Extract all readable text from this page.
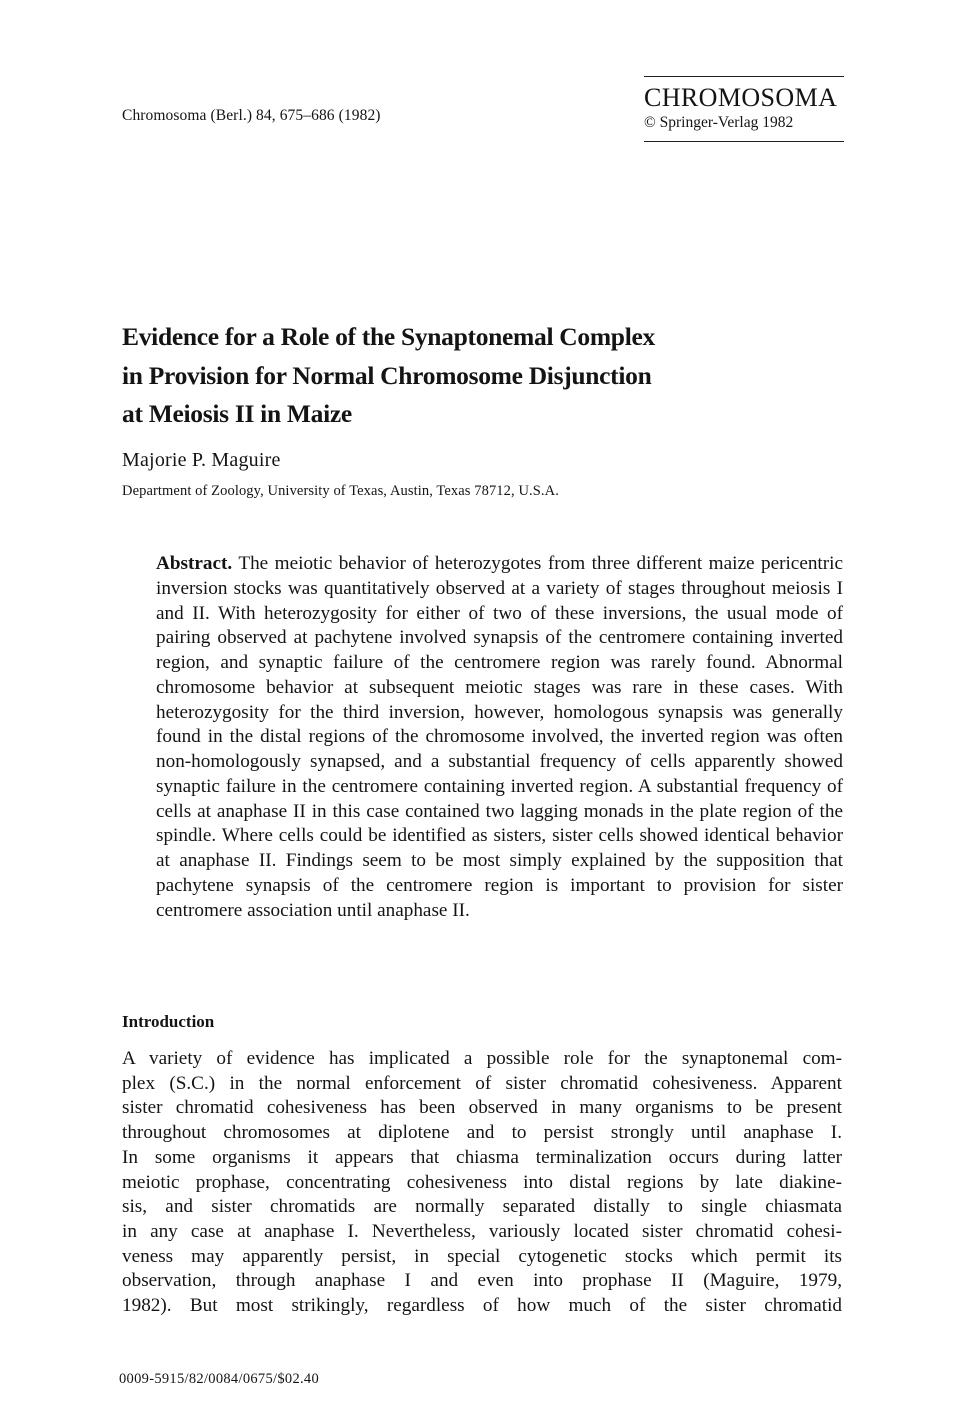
Chromosoma (Berl.) 84, 675–686 (1982)
CHROMOSOMA
© Springer-Verlag 1982
Evidence for a Role of the Synaptonemal Complex
in Provision for Normal Chromosome Disjunction
at Meiosis II in Maize
Majorie P. Maguire
Department of Zoology, University of Texas, Austin, Texas 78712, U.S.A.

Abstract. The meiotic behavior of heterozygotes from three different maize pericentric inversion stocks was quantitatively observed at a variety of stages throughout meiosis I and II. With heterozygosity for either of two of these inversions, the usual mode of pairing observed at pachytene involved synapsis of the centromere containing inverted region, and synaptic failure of the centromere region was rarely found. Abnormal chromosome behavior at subsequent meiotic stages was rare in these cases. With heterozygosity for the third inversion, however, homologous synapsis was generally found in the distal regions of the chromosome involved, the inverted region was often non-homologously synapsed, and a substantial frequency of cells apparently showed synaptic failure in the centromere containing inverted region. A substantial frequency of cells at anaphase II in this case contained two lagging monads in the plate region of the spindle. Where cells could be identified as sisters, sister cells showed identical behavior at anaphase II. Findings seem to be most simply explained by the supposition that pachytene synapsis of the centromere region is important to provision for sister centromere association until anaphase II.

Introduction
A variety of evidence has implicated a possible role for the synaptonemal com-
plex (S.C.) in the normal enforcement of sister chromatid cohesiveness. Apparent
sister chromatid cohesiveness has been observed in many organisms to be present
throughout chromosomes at diplotene and to persist strongly until anaphase I.
In some organisms it appears that chiasma terminalization occurs during latter
meiotic prophase, concentrating cohesiveness into distal regions by late diakine-
sis, and sister chromatids are normally separated distally to single chiasmata
in any case at anaphase I. Nevertheless, variously located sister chromatid cohesi-
veness may apparently persist, in special cytogenetic stocks which permit its
observation, through anaphase I and even into prophase II (Maguire, 1979,
1982). But most strikingly, regardless of how much of the sister chromatid
0009-5915/82/0084/0675/$02.40
